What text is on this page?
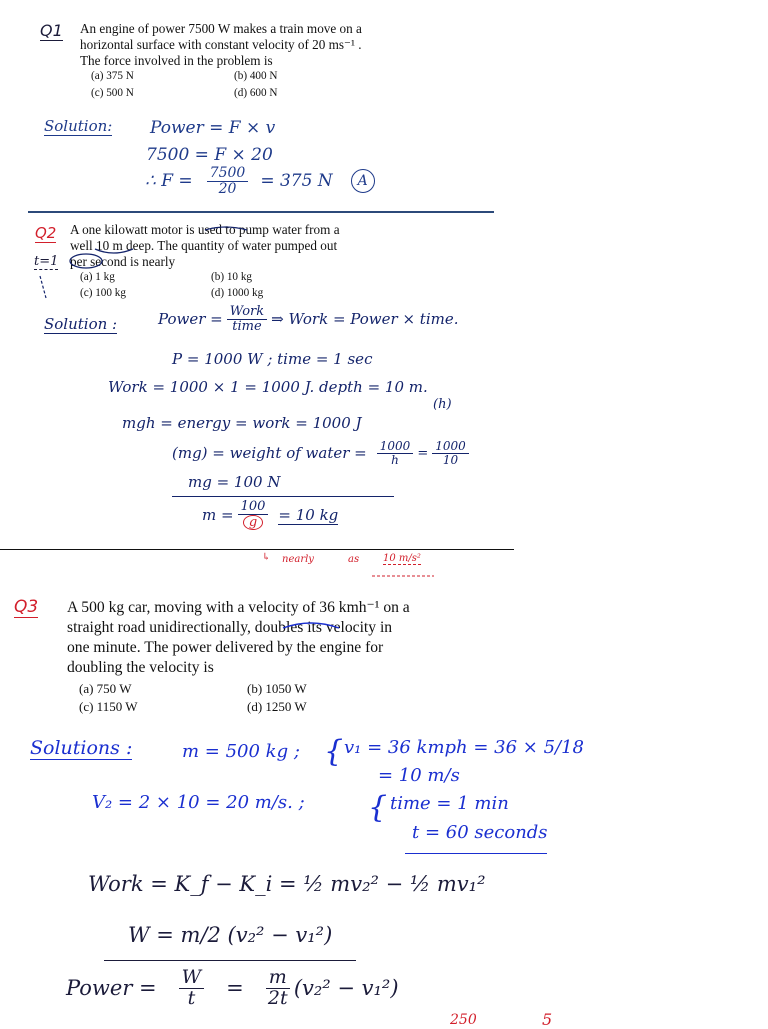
Q1 An engine of power 7500 W makes a train move on a
horizontal surface with constant velocity of 20 ms⁻¹ .
The force involved in the problem is
(a) 375 N	(b) 400 N
(c) 500 N	(d) 600 N
Solution: Power = F × v
7500 = F × 20
∴ $F = \frac{7500}{20} = 375$ N	A
Q2 A one kilowatt motor is used to pump water from a
well 10 m deep. The quantity of water pumped out
t=1 per second is nearly
(a) 1 kg	(b) 10 kg
(c) 100 kg	(d) 1000 kg
Solution :	Power = $\frac{\text{Work}}{\text{time}}$ ⇒ Work = Power × time.
P = 1000 W ; time = 1 sec
Work = 1000 × 1 = 1000 J. depth = 10 m.
(h)
mgh = energy = work = 1000 J
(mg) = weight of water = $\frac{1000}{h} = \frac{1000}{10}$
mg = 100 N
$m = \frac{100}{g} = 10$ kg
↳ nearly	as 10 m/s²
Q3 A 500 kg car, moving with a velocity of 36 kmh⁻¹ on a
straight road unidirectionally, doubles its velocity in
one minute. The power delivered by the engine for
doubling the velocity is
(a) 750 W	(b) 1050 W
(c) 1150 W	(d) 1250 W
Solutions :	m = 500 kg ; { v₁ = 36 kmph = 36 × 5/18
= 10 m/s
V₂ = 2 × 10 = 20 m/s. ; { time = 1 min
t = 60 seconds
Work = K_f − K_i = ½ mv₂² − ½ mv₁²
W = m/2 (v₂² − v₁²)
Power = $\frac{W}{t} = \frac{m}{2t} (v_2^2 - v_1^2)$
250	5
